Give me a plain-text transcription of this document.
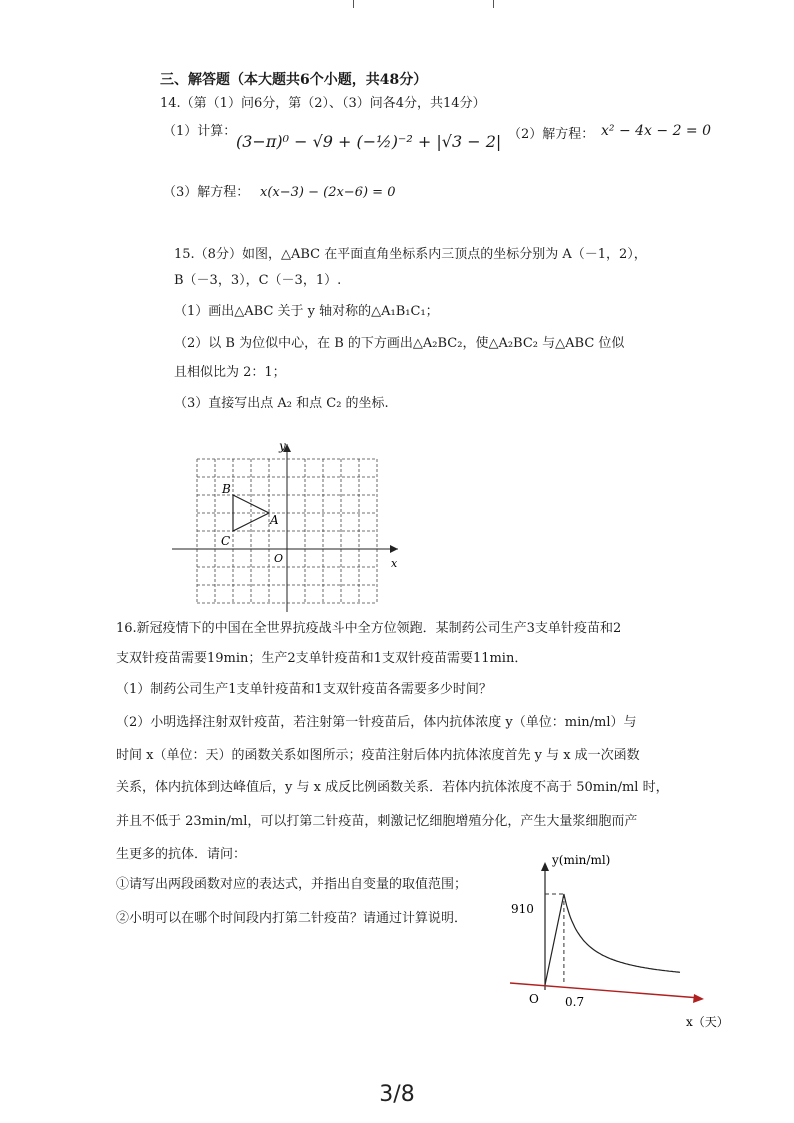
三、解答题（本大题共6个小题，共48分）
14.（第（1）问6分，第（2）、（3）问各4分，共14分）
（1）计算：
(3−π)⁰ − √9 + (−½)⁻² + |√3 − 2| （2）解方程： x² − 4x − 2 = 0
（3）解方程： x(x−3) − (2x−6) = 0
15.（8分）如图，△ABC 在平面直角坐标系内三顶点的坐标分别为 A（－1，2），
B（－3，3），C（－3，1）.
（1）画出△ABC 关于 y 轴对称的△A₁B₁C₁；
（2）以 B 为位似中心，在 B 的下方画出△A₂BC₂，使△A₂BC₂ 与△ABC 位似
且相似比为 2：1；
（3）直接写出点 A₂ 和点 C₂ 的坐标.
y
x
O
A
B
C
16.新冠疫情下的中国在全世界抗疫战斗中全方位领跑．某制药公司生产3支单针疫苗和2
支双针疫苗需要19min；生产2支单针疫苗和1支双针疫苗需要11min．
（1）制药公司生产1支单针疫苗和1支双针疫苗各需要多少时间？
（2）小明选择注射双针疫苗，若注射第一针疫苗后，体内抗体浓度 y（单位：min/ml）与
时间 x（单位：天）的函数关系如图所示；疫苗注射后体内抗体浓度首先 y 与 x 成一次函数
关系，体内抗体到达峰值后，y 与 x 成反比例函数关系．若体内抗体浓度不高于 50min/ml 时，
并且不低于 23min/ml，可以打第二针疫苗，刺激记忆细胞增殖分化，产生大量浆细胞而产
生更多的抗体．请问：
①请写出两段函数对应的表达式，并指出自变量的取值范围；
②小明可以在哪个时间段内打第二针疫苗？请通过计算说明．
y(min/ml)
x（天）
O 0.7
910
3/8
